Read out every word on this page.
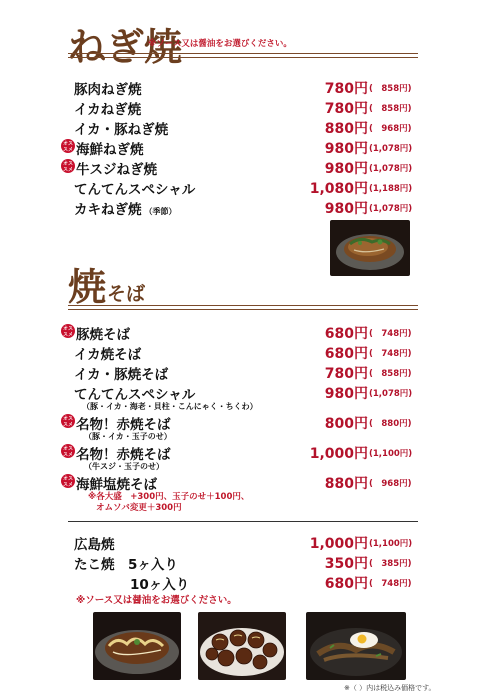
ねぎ焼
※ソース又は醤油をお選びください。
豚肉ねぎ焼	780円 (　858円)
イカねぎ焼	780円 (　858円)
イカ・豚ねぎ焼	880円 (　968円)
オス
スメ 海鮮ねぎ焼	980円 (1,078円)
オス
スメ 牛スジねぎ焼	980円 (1,078円)
てんてんスペシャル	1,080円 (1,188円)
カキねぎ焼 （季節）	980円 (1,078円)
焼そば
オス
スメ 豚焼そば	680円 (　748円)
イカ焼そば	680円 (　748円)
イカ・豚焼そば	780円 (　858円)
てんてんスペシャル	980円 (1,078円)
（豚・イカ・海老・貝柱・こんにゃく・ちくわ）
オス
スメ 名物！赤焼そば	800円 (　880円)
（豚・イカ・玉子のせ）
オス
スメ 名物！赤焼そば	1,000円 (1,100円)
（牛スジ・玉子のせ）
オス
スメ 海鮮塩焼そば	880円 (　968円)
※各大盛　+300円、玉子のせ＋100円、
オムソバ変更＋300円
広島焼	1,000円 (1,100円)
たこ焼　5ヶ入り	350円 (　385円)
10ヶ入り	680円 (　748円)
※ソース又は醤油をお選びください。
※（ ）内は税込み価格です。
